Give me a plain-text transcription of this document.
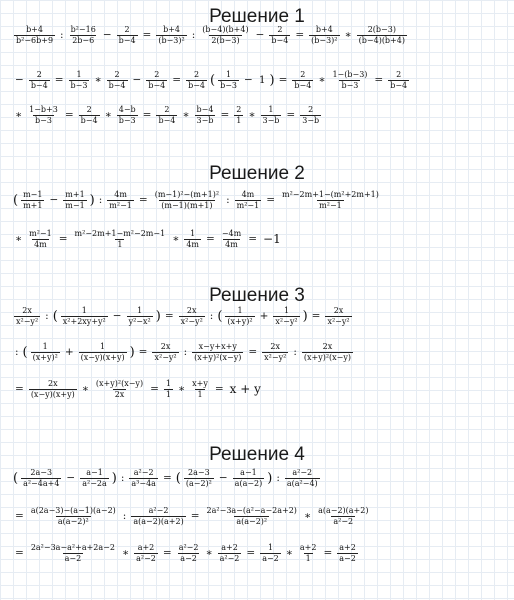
Решение 1
Решение 2
Решение 3
Решение 4
$\frac{b+4}{\text{b²−6b+9}}$ : $\frac{\text{b²−16}}{2b-6} - \frac{2}{b-4} = \frac{b+4}{\text{(b−3)²}}$ : $\frac{(b-4)(b+4)}{2(b-3)} - \frac{2}{b-4} = \frac{b+4}{\text{(b−3)²}}$ ∗ $\frac{2(b-3)}{(b-4)(b+4)}$
− $\frac{2}{b-4} = \frac{1}{b-3}$ ∗ $\frac{2}{b-4} - \frac{2}{b-4} = \frac{2}{b-4}$ ( $\frac{1}{b-3} - 1$ ) = $\frac{2}{b-4}$ ∗ $\frac{1-(b-3)}{b-3} = \frac{2}{b-4}$
∗ $\frac{1-b+3}{b-3} = \frac{2}{b-4}$ ∗ $\frac{4-b}{b-3} = \frac{2}{b-4}$ ∗ $\frac{b-4}{3-b} = \frac{2}{1}$ ∗ $\frac{1}{3-b} = \frac{2}{3-b}$
( $\frac{m-1}{m+1} - \frac{m+1}{m-1}$ ) : $\frac{4m}{\text{m²−1}} = \frac{\text{(m−1)²−(m+1)²}}{(m-1)(m+1)}$ : $\frac{4m}{\text{m²−1}} = \frac{\text{m²−2m+1−(m²+2m+1)}}{\text{m²−1}}$
∗ $\frac{\text{m²−1}}{4m} = \frac{\text{m²−2m+1−m²−2m−1}}{1}$ ∗ $\frac{1}{4m} = \frac{-4m}{4m} = -1$
$\frac{2x}{\text{x²−y²}}$ : ( $\frac{1}{\text{x²+2xy+y²}} - \frac{1}{\text{y²−x²}}$ ) = $\frac{2x}{\text{x²−y²}}$ : ( $\frac{1}{\text{(x+y)²}} + \frac{1}{\text{x²−y²}}$ ) = $\frac{2x}{\text{x²−y²}}$
: ( $\frac{1}{\text{(x+y)²}} + \frac{1}{(x-y)(x+y)}$ ) = $\frac{2x}{\text{x²−y²}}$ : $\frac{x-y+x+y}{\text{(x+y)²(x−y)}} = \frac{2x}{\text{x²−y²}}$ : $\frac{2x}{\text{(x+y)²(x−y)}}$
= $\frac{2x}{(x-y)(x+y)}$ ∗ $\frac{\text{(x+y)²(x−y)}}{2x} = \frac{1}{1}$ ∗ $\frac{x+y}{1} = x + y$
( $\frac{2a-3}{\text{a²−4a+4}} - \frac{a-1}{\text{a²−2a}}$ ) : $\frac{\text{a²−2}}{\text{a³−4a}}$ = ( $\frac{2a-3}{\text{(a−2)²}} - \frac{a-1}{a(a-2)}$ ) : $\frac{\text{a²−2}}{\text{a(a²−4)}}$
= $\frac{a(2a-3)-(a-1)(a-2)}{\text{a(a−2)²}}$ : $\frac{\text{a²−2}}{a(a-2)(a+2)} = \frac{\text{2a²−3a−(a²−a−2a+2)}}{\text{a(a−2)²}}$ ∗ $\frac{a(a-2)(a+2)}{\text{a²−2}}$
= $\frac{\text{2a²−3a−a²+a+2a−2}}{a-2}$ ∗ $\frac{a+2}{\text{a²−2}} = \frac{\text{a²−2}}{a-2}$ ∗ $\frac{a+2}{\text{a²−2}} = \frac{1}{a-2}$ ∗ $\frac{a+2}{1} = \frac{a+2}{a-2}$
